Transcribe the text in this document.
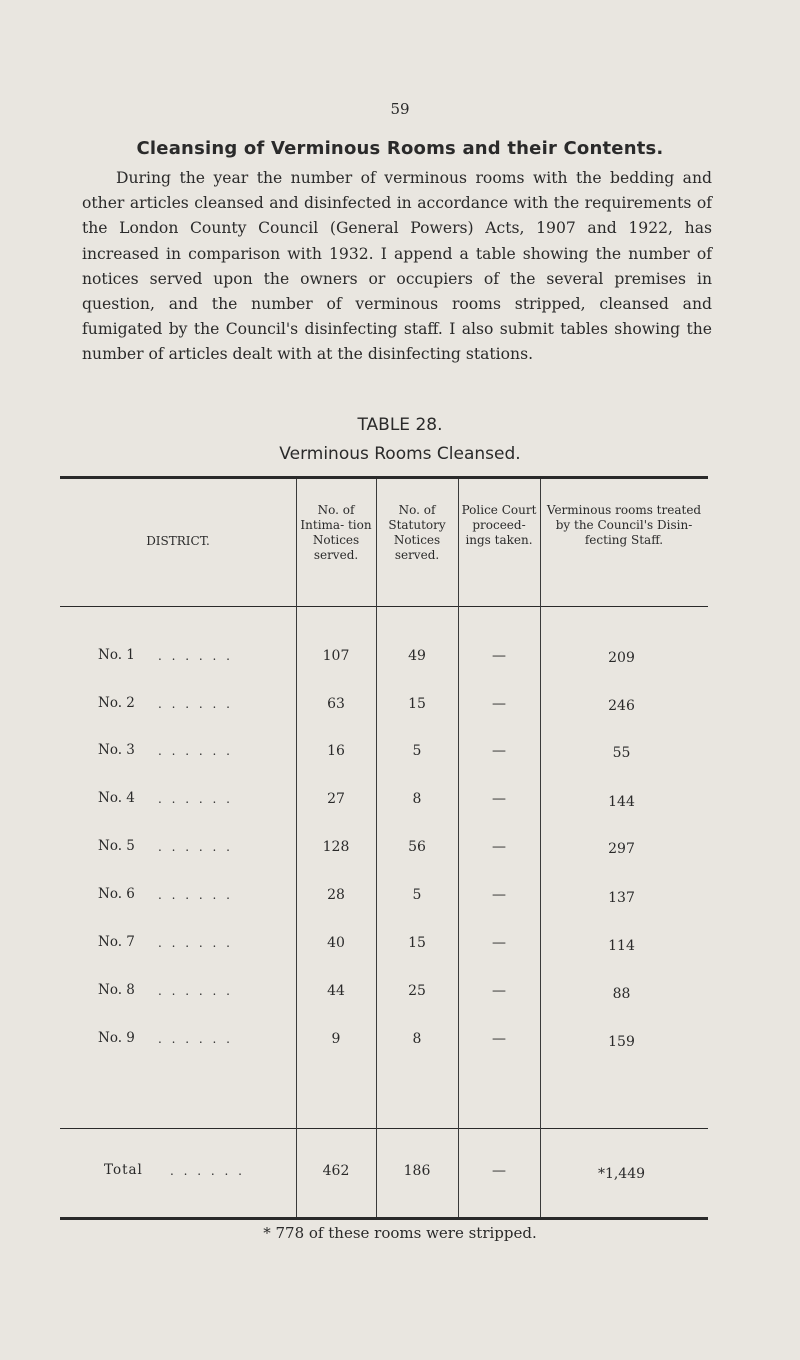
59
Cleansing of Verminous Rooms and their Contents.
During the year the number of verminous rooms with the bedding and other articles cleansed and disinfected in accordance with the requirements of the London County Council (General Powers) Acts, 1907 and 1922, has increased in comparison with 1932. I append a table showing the number of notices served upon the owners or occupiers of the several premises in question, and the number of verminous rooms stripped, cleansed and fumigated by the Council's disinfecting staff. I also submit tables showing the number of articles dealt with at the disinfecting stations.
TABLE 28.
Verminous Rooms Cleansed.
DISTRICT.
No. of Intima- tion Notices served.
No. of Statutory Notices served.
Police Court proceed- ings taken.
Verminous rooms treated by the Council's Disin- fecting Staff.
No. 1 . . . . . .	107	49	—	209
No. 2 . . . . . .	63	15	—	246
No. 3 . . . . . .	16	5	—	55
No. 4 . . . . . .	27	8	—	144
No. 5 . . . . . .	128	56	—	297
No. 6 . . . . . .	28	5	—	137
No. 7 . . . . . .	40	15	—	114
No. 8 . . . . . .	44	25	—	88
No. 9 . . . . . .	9	8	—	159
Total . . . . . .	462	186	—	*1,449
* 778 of these rooms were stripped.
